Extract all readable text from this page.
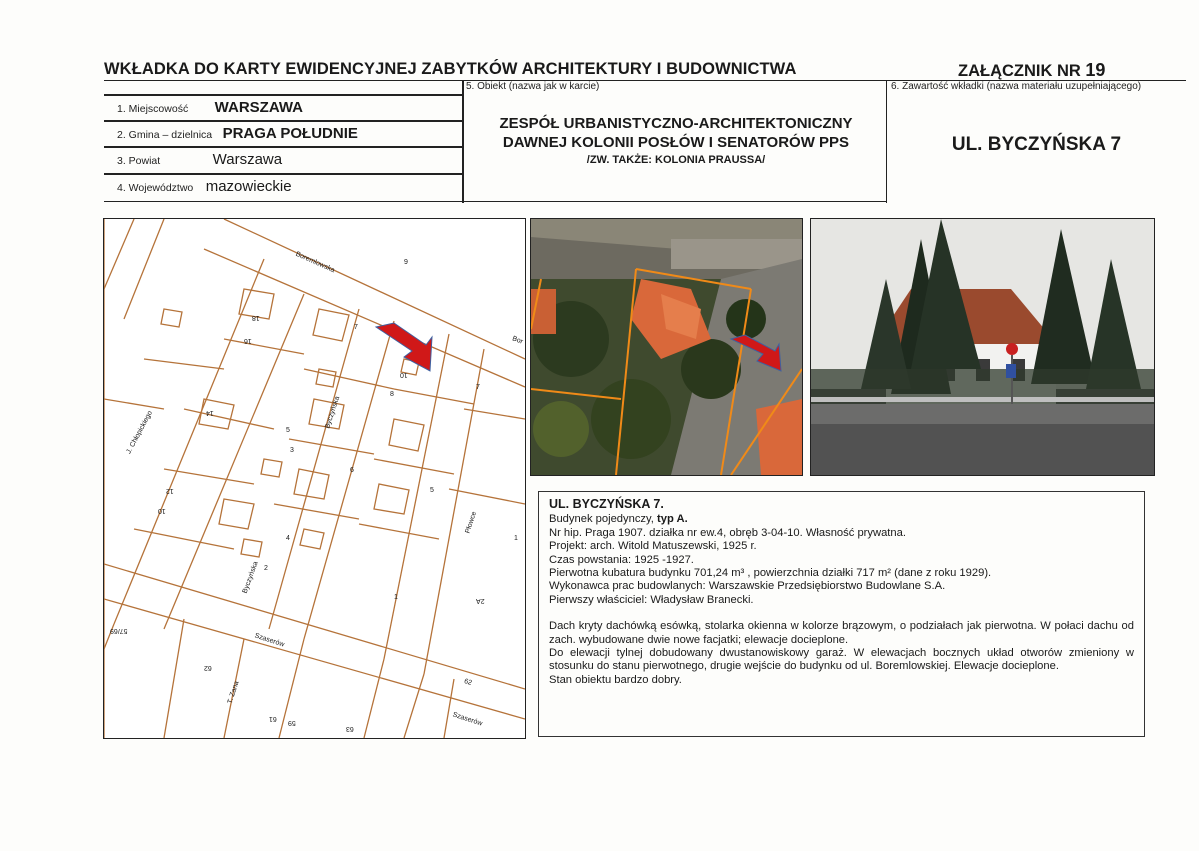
WKŁADKA DO KARTY EWIDENCYJNEJ ZABYTKÓW ARCHITEKTURY I BUDOWNICTWA	ZAŁĄCZNIK NR 19
1. Miejscowość WARSZAWA
2. Gmina – dzielnica PRAGA POŁUDNIE
3. Powiat	Warszawa
4. Województwo mazowieckie
5. Obiekt (nazwa jak w karcie)
ZESPÓŁ URBANISTYCZNO-ARCHITEKTONICZNY
DAWNEJ KOLONII POSŁÓW I SENATORÓW PPS
/ZW. TAKŻE: KOLONIA PRAUSSA/
6. Zawartość wkładki (nazwa materiału uzupełniającego)
UL. BYCZYŃSKA 7
Boremlowska
Bor
J. Chłopickiego	Byczyńska
Byczyńska
Płowce
Szaserów
Szaserów
T. Zana
9
18
16
7
10
8
7
14
5
3
5
6
12
10
4
2
1
1
2A
62
62
57/69
59
61
63
UL. BYCZYŃSKA 7.

Budynek pojedynczy, typ A.

Nr hip. Praga 1907. działka nr ew.4, obręb 3-04-10. Własność prywatna.

Projekt: arch. Witold Matuszewski, 1925 r.

Czas powstania: 1925 -1927.

Pierwotna kubatura budynku 701,24 m³ , powierzchnia działki 717 m² (dane z roku 1929).

Wykonawca prac budowlanych: Warszawskie Przedsiębiorstwo Budowlane S.A.

Pierwszy właściciel: Władysław Branecki.

Dach kryty dachówką esówką, stolarka okienna w kolorze brązowym, o podziałach jak pierwotna. W połaci dachu od zach. wybudowane dwie nowe facjatki; elewacje docieplone.

Do elewacji tylnej dobudowany dwustanowiskowy garaż. W elewacjach bocznych układ otworów zmieniony w stosunku do stanu pierwotnego, drugie wejście do budynku od ul. Boremlowskiej. Elewacje docieplone.

Stan obiektu bardzo dobry.
